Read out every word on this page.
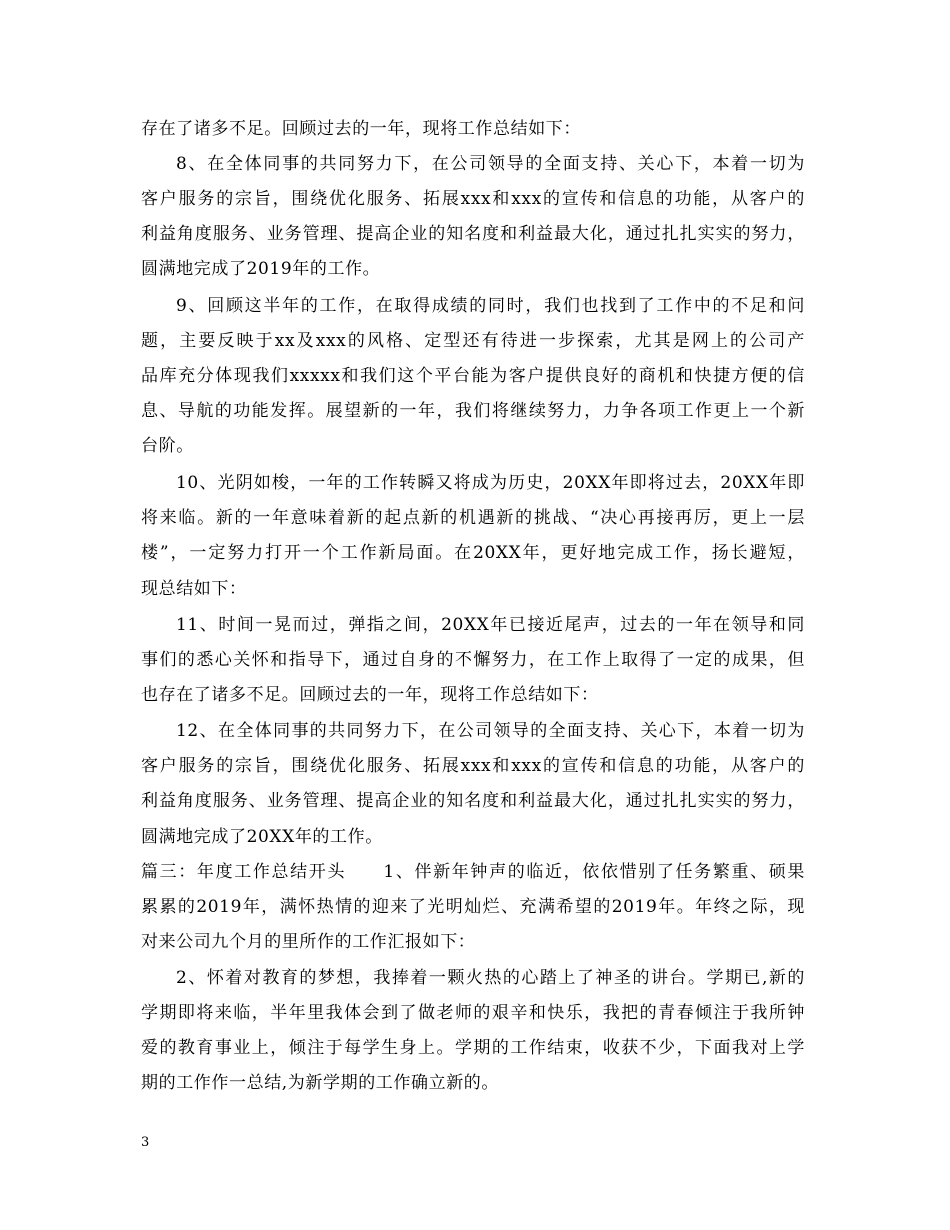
存在了诸多不足。回顾过去的一年，现将工作总结如下：
8、在全体同事的共同努力下，在公司领导的全面支持、关心下，本着一切为
客户服务的宗旨，围绕优化服务、拓展xxx和xxx的宣传和信息的功能，从客户的
利益角度服务、业务管理、提高企业的知名度和利益最大化，通过扎扎实实的努力，
圆满地完成了2019年的工作。
9、回顾这半年的工作，在取得成绩的同时，我们也找到了工作中的不足和问
题，主要反映于xx及xxx的风格、定型还有待进一步探索，尤其是网上的公司产
品库充分体现我们xxxxx和我们这个平台能为客户提供良好的商机和快捷方便的信
息、导航的功能发挥。展望新的一年，我们将继续努力，力争各项工作更上一个新
台阶。
10、光阴如梭，一年的工作转瞬又将成为历史，20XX年即将过去，20XX年即
将来临。新的一年意味着新的起点新的机遇新的挑战、“决心再接再厉，更上一层
楼”，一定努力打开一个工作新局面。在20XX年，更好地完成工作，扬长避短，
现总结如下：
11、时间一晃而过，弹指之间，20XX年已接近尾声，过去的一年在领导和同
事们的悉心关怀和指导下，通过自身的不懈努力，在工作上取得了一定的成果，但
也存在了诸多不足。回顾过去的一年，现将工作总结如下：
12、在全体同事的共同努力下，在公司领导的全面支持、关心下，本着一切为
客户服务的宗旨，围绕优化服务、拓展xxx和xxx的宣传和信息的功能，从客户的
利益角度服务、业务管理、提高企业的知名度和利益最大化，通过扎扎实实的努力，
圆满地完成了20XX年的工作。
篇三：年度工作总结开头　　1、伴新年钟声的临近，依依惜别了任务繁重、硕果
累累的2019年，满怀热情的迎来了光明灿烂、充满希望的2019年。年终之际，现
对来公司九个月的里所作的工作汇报如下：
2、怀着对教育的梦想，我捧着一颗火热的心踏上了神圣的讲台。学期已,新的
学期即将来临，半年里我体会到了做老师的艰辛和快乐，我把的青春倾注于我所钟
爱的教育事业上，倾注于每学生身上。学期的工作结束，收获不少，下面我对上学
期的工作作一总结,为新学期的工作确立新的。
3
